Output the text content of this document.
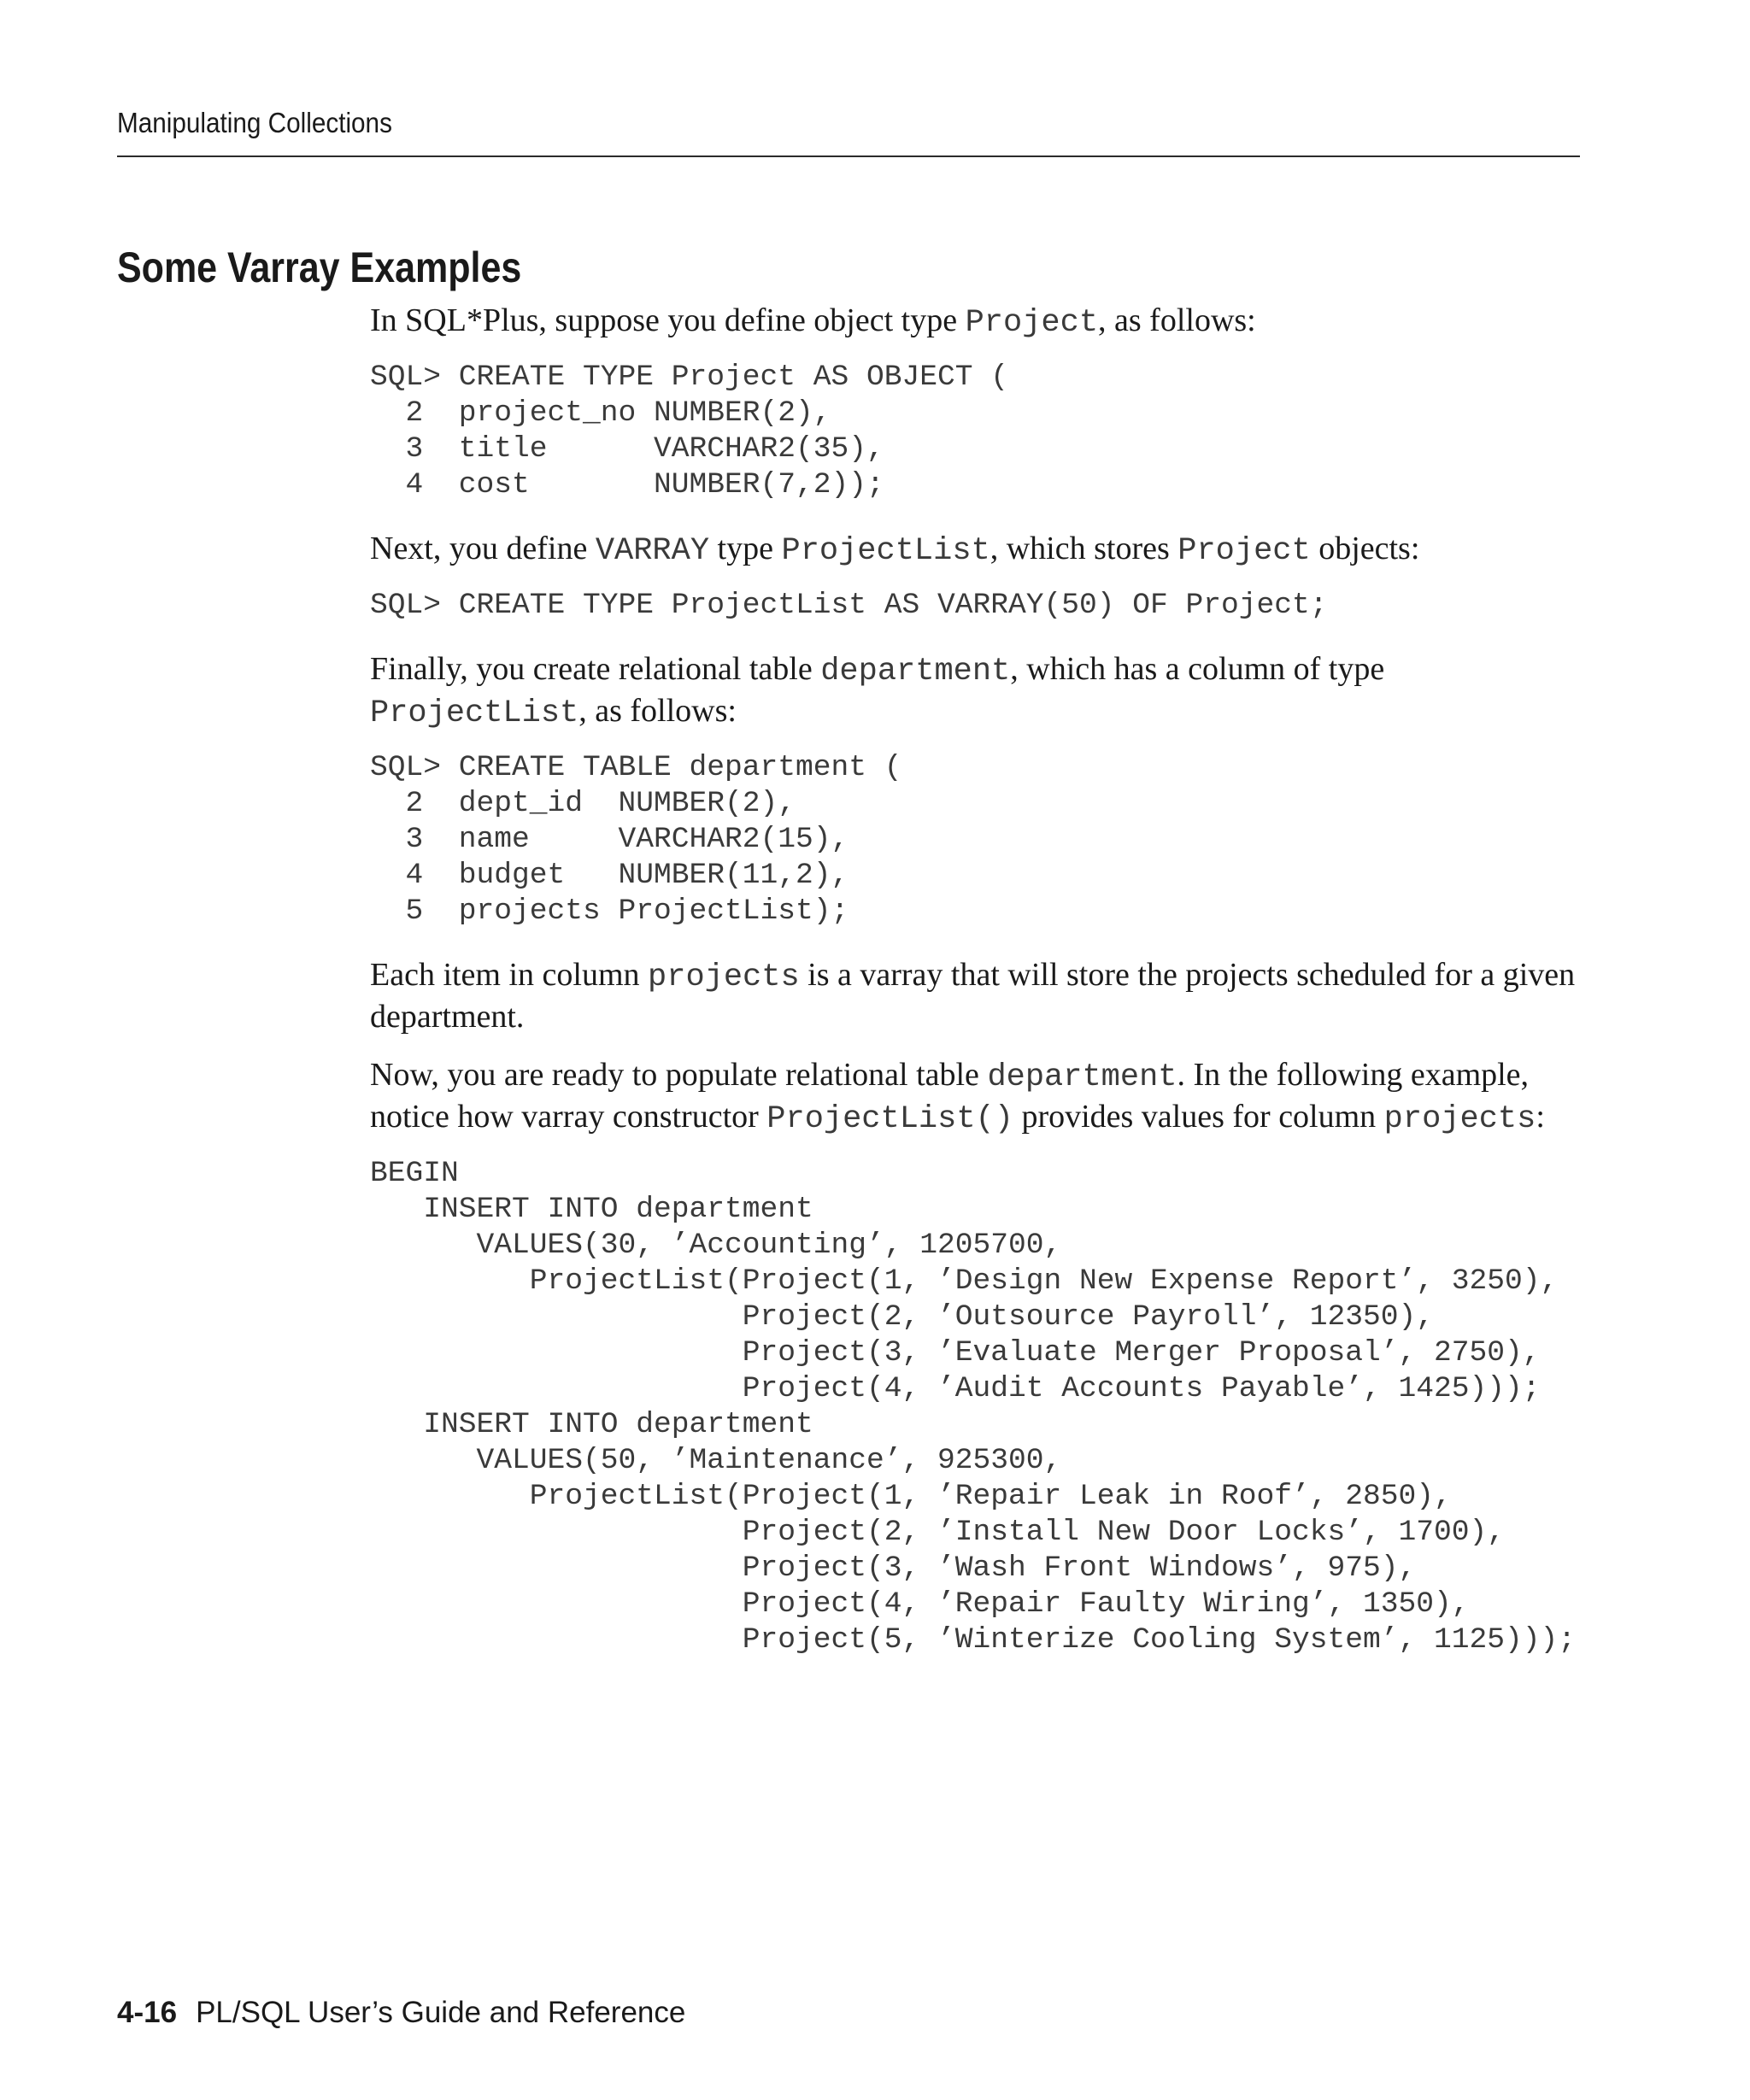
Manipulating Collections
Some Varray Examples

In SQL*Plus, suppose you define object type Project, as follows:

SQL> CREATE TYPE Project AS OBJECT (
2  project_no NUMBER(2),
3  title      VARCHAR2(35),
4  cost       NUMBER(7,2));

Next, you define VARRAY type ProjectList, which stores Project objects:

SQL> CREATE TYPE ProjectList AS VARRAY(50) OF Project;

Finally, you create relational table department, which has a column of type ProjectList, as follows:

SQL> CREATE TABLE department (
2  dept_id  NUMBER(2),
3  name     VARCHAR2(15),
4  budget   NUMBER(11,2),
5  projects ProjectList);

Each item in column projects is a varray that will store the projects scheduled for a given department.

Now, you are ready to populate relational table department. In the following example, notice how varray constructor ProjectList() provides values for column projects:

BEGIN
INSERT INTO department
VALUES(30, ’Accounting’, 1205700,
ProjectList(Project(1, ’Design New Expense Report’, 3250),
Project(2, ’Outsource Payroll’, 12350),
Project(3, ’Evaluate Merger Proposal’, 2750),
Project(4, ’Audit Accounts Payable’, 1425)));
INSERT INTO department
VALUES(50, ’Maintenance’, 925300,
ProjectList(Project(1, ’Repair Leak in Roof’, 2850),
Project(2, ’Install New Door Locks’, 1700),
Project(3, ’Wash Front Windows’, 975),
Project(4, ’Repair Faulty Wiring’, 1350),
Project(5, ’Winterize Cooling System’, 1125)));
4-16 PL/SQL User’s Guide and Reference
